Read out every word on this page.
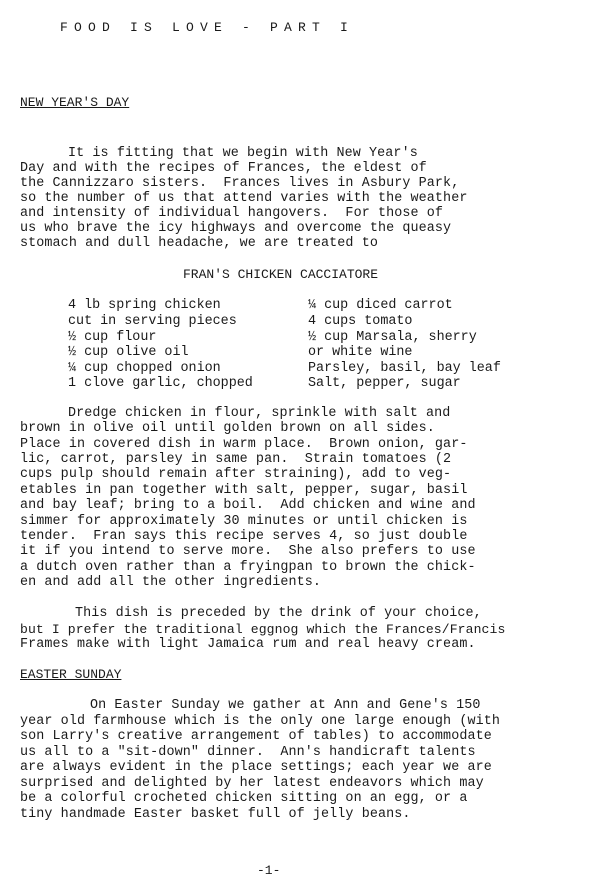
FOOD IS LOVE - PART I
NEW YEAR'S DAY
It is fitting that we begin with New Year's
Day and with the recipes of Frances, the eldest of
the Cannizzaro sisters.  Frances lives in Asbury Park,
so the number of us that attend varies with the weather
and intensity of individual hangovers.  For those of
us who brave the icy highways and overcome the queasy
stomach and dull headache, we are treated to
FRAN'S CHICKEN CACCIATORE
4 lb spring chicken
cut in serving pieces
½ cup flour
½ cup olive oil
¼ cup chopped onion
1 clove garlic, chopped
¼ cup diced carrot
4 cups tomato
½ cup Marsala, sherry
or white wine
Parsley, basil, bay leaf
Salt, pepper, sugar
Dredge chicken in flour, sprinkle with salt and
brown in olive oil until golden brown on all sides.
Place in covered dish in warm place.  Brown onion, gar-
lic, carrot, parsley in same pan.  Strain tomatoes (2
cups pulp should remain after straining), add to veg-
etables in pan together with salt, pepper, sugar, basil
and bay leaf; bring to a boil.  Add chicken and wine and
simmer for approximately 30 minutes or until chicken is
tender.  Fran says this recipe serves 4, so just double
it if you intend to serve more.  She also prefers to use
a dutch oven rather than a fryingpan to brown the chick-
en and add all the other ingredients.
This dish is preceded by the drink of your choice,
but I prefer the traditional eggnog which the Frances/Francis
Frames make with light Jamaica rum and real heavy cream.
EASTER SUNDAY
On Easter Sunday we gather at Ann and Gene's 150
year old farmhouse which is the only one large enough (with
son Larry's creative arrangement of tables) to accommodate
us all to a "sit-down" dinner.  Ann's handicraft talents
are always evident in the place settings; each year we are
surprised and delighted by her latest endeavors which may
be a colorful crocheted chicken sitting on an egg, or a
tiny handmade Easter basket full of jelly beans.
-1-
